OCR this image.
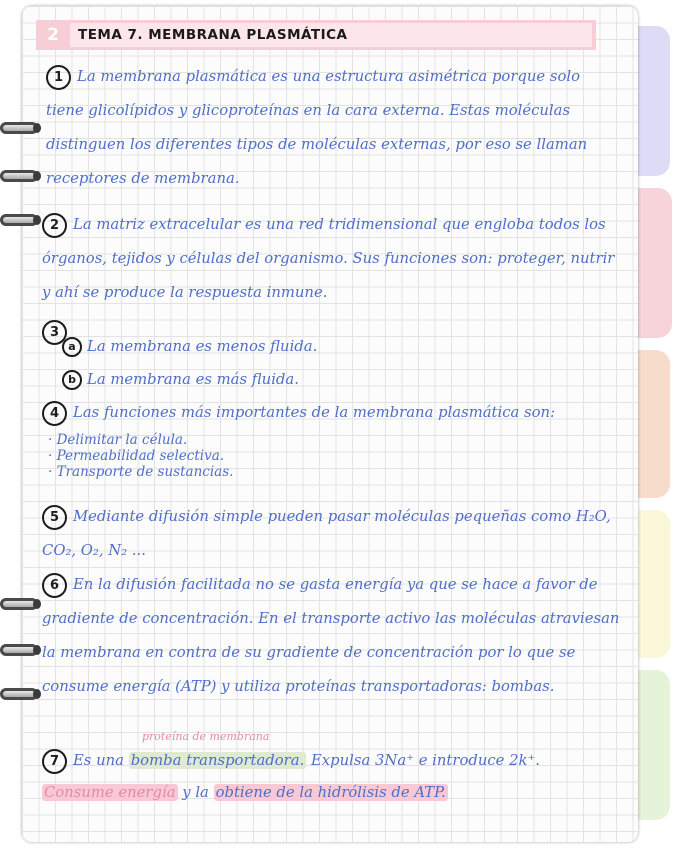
2	TEMA 7. MEMBRANA PLASMÁTICA

1 La membrana plasmática es una estructura asimétrica porque solo tiene glicolípidos y glicoproteínas en la cara externa. Estas moléculas distinguen los diferentes tipos de moléculas externas, por eso se llaman receptores de membrana.

2 La matriz extracelular es una red tridimensional que engloba todos los órganos, tejidos y células del organismo. Sus funciones son: proteger, nutrir y ahí se produce la respuesta inmune.

3

a La membrana es menos fluida.

b La membrana es más fluida.

4 Las funciones más importantes de la membrana plasmática son:

· Delimitar la célula.
· Permeabilidad selectiva.
· Transporte de sustancias.

5 Mediante difusión simple pueden pasar moléculas pequeñas como H₂O, CO₂, O₂, N₂ ...

6 En la difusión facilitada no se gasta energía ya que se hace a favor de gradiente de concentración. En el transporte activo las moléculas atraviesan la membrana en contra de su gradiente de concentración por lo que se consume energía (ATP) y utiliza proteínas transportadoras: bombas.

proteína de membrana

7 Es una bomba transportadora. Expulsa 3Na⁺ e introduce 2k⁺.

Consume energía y la obtiene de la hidrólisis de ATP.
